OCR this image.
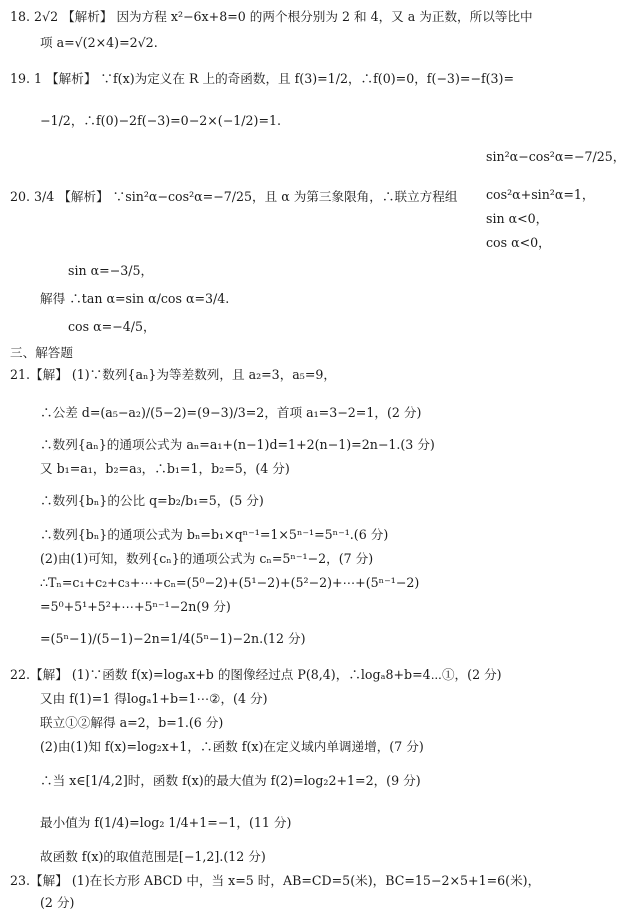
18. 2√2 【解析】 因为方程 x²−6x+8=0 的两个根分别为 2 和 4，又 a 为正数，所以等比中
项 a=√(2×4)=2√2.
19. 1 【解析】 ∵f(x)为定义在 R 上的奇函数，且 f(3)=1/2，∴f(0)=0，f(−3)=−f(3)=
−1/2，∴f(0)−2f(−3)=0−2×(−1/2)=1.
sin²α−cos²α=−7/25，
20. 3/4 【解析】 ∵sin²α−cos²α=−7/25，且 α 为第三象限角，∴联立方程组	cos²α+sin²α=1，
sin α<0，
cos α<0，
sin α=−3/5，
解得 ∴tan α=sin α/cos α=3/4.
cos α=−4/5，
三、解答题
21.【解】 (1)∵数列{aₙ}为等差数列，且 a₂=3，a₅=9，
∴公差 d=(a₅−a₂)/(5−2)=(9−3)/3=2，首项 a₁=3−2=1，(2 分)
∴数列{aₙ}的通项公式为 aₙ=a₁+(n−1)d=1+2(n−1)=2n−1.(3 分)
又 b₁=a₁，b₂=a₃，∴b₁=1，b₂=5，(4 分)
∴数列{bₙ}的公比 q=b₂/b₁=5，(5 分)
∴数列{bₙ}的通项公式为 bₙ=b₁×qⁿ⁻¹=1×5ⁿ⁻¹=5ⁿ⁻¹.(6 分)
(2)由(1)可知，数列{cₙ}的通项公式为 cₙ=5ⁿ⁻¹−2，(7 分)
∴Tₙ=c₁+c₂+c₃+⋯+cₙ=(5⁰−2)+(5¹−2)+(5²−2)+⋯+(5ⁿ⁻¹−2)
=5⁰+5¹+5²+⋯+5ⁿ⁻¹−2n(9 分)
=(5ⁿ−1)/(5−1)−2n=1/4(5ⁿ−1)−2n.(12 分)
22.【解】 (1)∵函数 f(x)=logₐx+b 的图像经过点 P(8,4)，∴logₐ8+b=4⋯①，(2 分)
又由 f(1)=1 得logₐ1+b=1⋯②，(4 分)
联立①②解得 a=2，b=1.(6 分)
(2)由(1)知 f(x)=log₂x+1，∴函数 f(x)在定义域内单调递增，(7 分)
∴当 x∈[1/4,2]时，函数 f(x)的最大值为 f(2)=log₂2+1=2，(9 分)
最小值为 f(1/4)=log₂ 1/4+1=−1，(11 分)
故函数 f(x)的取值范围是[−1,2].(12 分)
23.【解】 (1)在长方形 ABCD 中，当 x=5 时，AB=CD=5(米)，BC=15−2×5+1=6(米)，
(2 分)
